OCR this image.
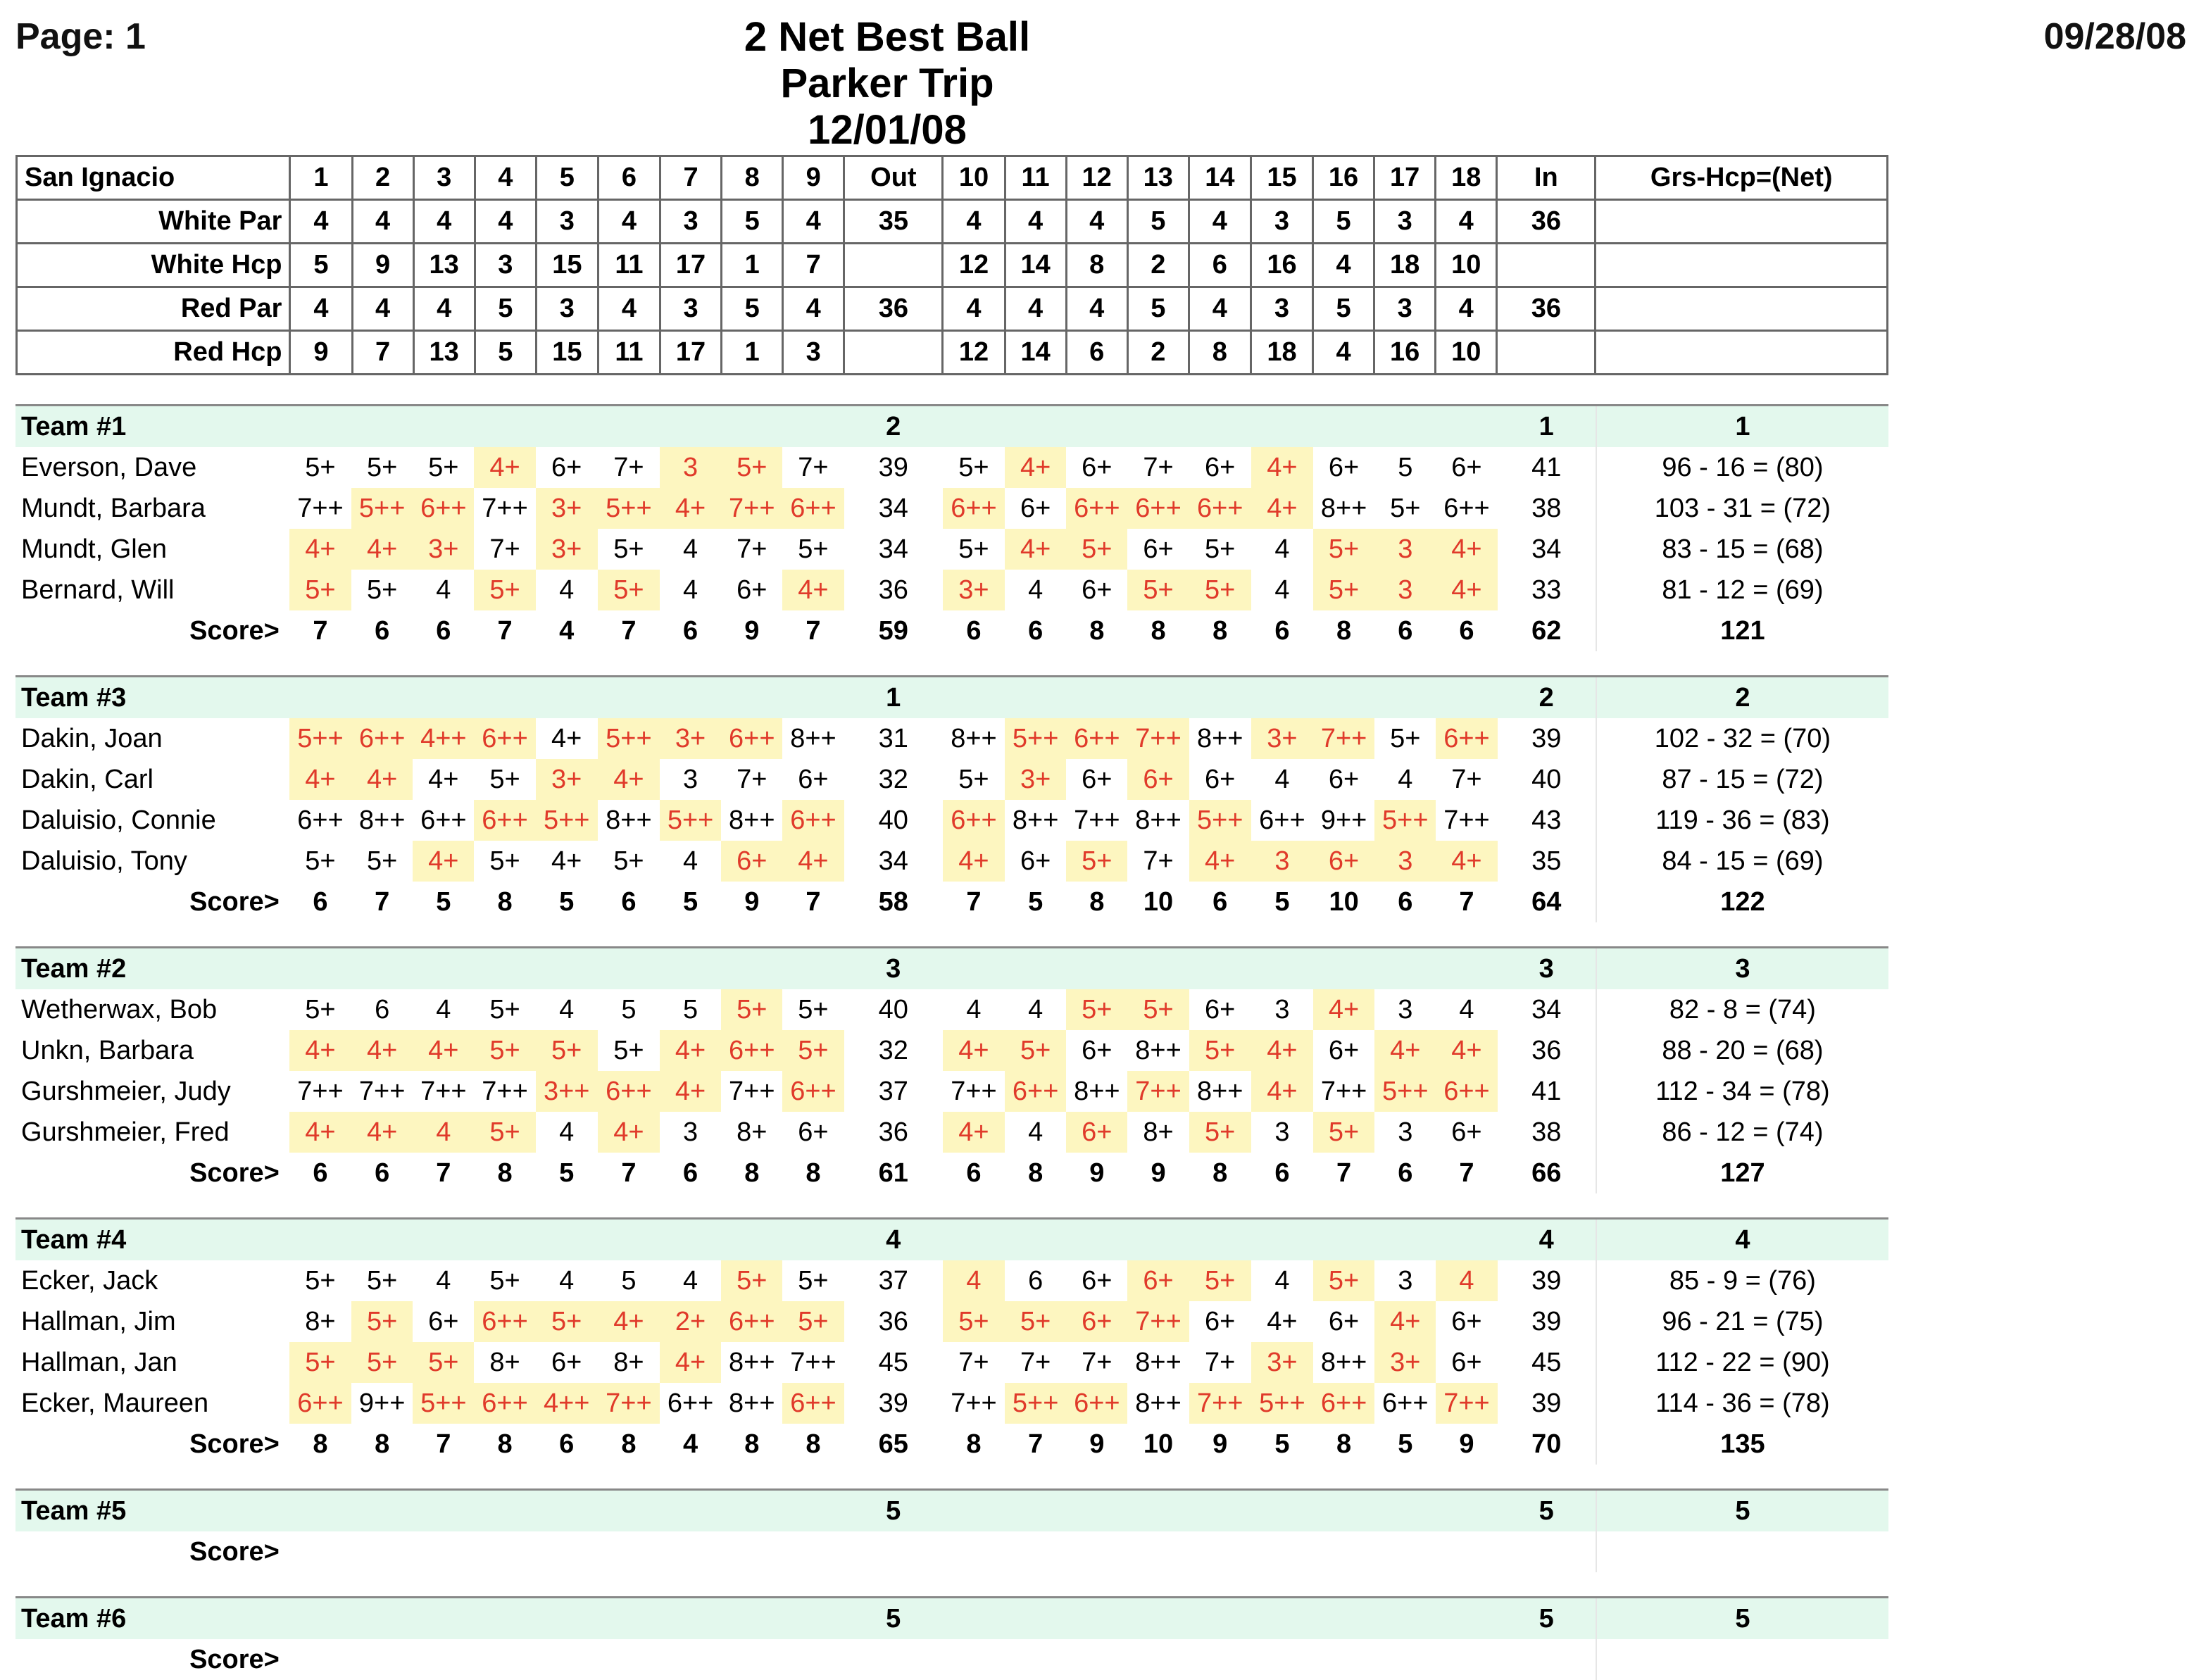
Page: 1	09/28/08
2 Net Best Ball
Parker Trip
12/01/08
San Ignacio	1	2	3	4	5	6	7	8	9	Out	10	11	12	13	14	15	16	17	18	In	Grs-Hcp=(Net)
White Par	4	4	4	4	3	4	3	5	4	35	4	4	4	5	4	3	5	3	4	36	
White Hcp	5	9	13	3	15	11	17	1	7		12	14	8	2	6	16	4	18	10		
Red Par	4	4	4	5	3	4	3	5	4	36	4	4	4	5	4	3	5	3	4	36	
Red Hcp	9	7	13	5	15	11	17	1	3		12	14	6	2	8	18	4	16	10		
Team #1										2										1	1
Everson, Dave	5+	5+	5+	4+	6+	7+	3	5+	7+	39	5+	4+	6+	7+	6+	4+	6+	5	6+	41	96 - 16 = (80)
Mundt, Barbara	7++	5++	6++	7++	3+	5++	4+	7++	6++	34	6++	6+	6++	6++	6++	4+	8++	5+	6++	38	103 - 31 = (72)
Mundt, Glen	4+	4+	3+	7+	3+	5+	4	7+	5+	34	5+	4+	5+	6+	5+	4	5+	3	4+	34	83 - 15 = (68)
Bernard, Will	5+	5+	4	5+	4	5+	4	6+	4+	36	3+	4	6+	5+	5+	4	5+	3	4+	33	81 - 12 = (69)
Score>	7	6	6	7	4	7	6	9	7	59	6	6	8	8	8	6	8	6	6	62	121

Team #3										1										2	2
Dakin, Joan	5++	6++	4++	6++	4+	5++	3+	6++	8++	31	8++	5++	6++	7++	8++	3+	7++	5+	6++	39	102 - 32 = (70)
Dakin, Carl	4+	4+	4+	5+	3+	4+	3	7+	6+	32	5+	3+	6+	6+	6+	4	6+	4	7+	40	87 - 15 = (72)
Daluisio, Connie	6++	8++	6++	6++	5++	8++	5++	8++	6++	40	6++	8++	7++	8++	5++	6++	9++	5++	7++	43	119 - 36 = (83)
Daluisio, Tony	5+	5+	4+	5+	4+	5+	4	6+	4+	34	4+	6+	5+	7+	4+	3	6+	3	4+	35	84 - 15 = (69)
Score>	6	7	5	8	5	6	5	9	7	58	7	5	8	10	6	5	10	6	7	64	122

Team #2										3										3	3
Wetherwax, Bob	5+	6	4	5+	4	5	5	5+	5+	40	4	4	5+	5+	6+	3	4+	3	4	34	82 - 8 = (74)
Unkn, Barbara	4+	4+	4+	5+	5+	5+	4+	6++	5+	32	4+	5+	6+	8++	5+	4+	6+	4+	4+	36	88 - 20 = (68)
Gurshmeier, Judy	7++	7++	7++	7++	3++	6++	4+	7++	6++	37	7++	6++	8++	7++	8++	4+	7++	5++	6++	41	112 - 34 = (78)
Gurshmeier, Fred	4+	4+	4	5+	4	4+	3	8+	6+	36	4+	4	6+	8+	5+	3	5+	3	6+	38	86 - 12 = (74)
Score>	6	6	7	8	5	7	6	8	8	61	6	8	9	9	8	6	7	6	7	66	127

Team #4										4										4	4
Ecker, Jack	5+	5+	4	5+	4	5	4	5+	5+	37	4	6	6+	6+	5+	4	5+	3	4	39	85 - 9 = (76)
Hallman, Jim	8+	5+	6+	6++	5+	4+	2+	6++	5+	36	5+	5+	6+	7++	6+	4+	6+	4+	6+	39	96 - 21 = (75)
Hallman, Jan	5+	5+	5+	8+	6+	8+	4+	8++	7++	45	7+	7+	7+	8++	7+	3+	8++	3+	6+	45	112 - 22 = (90)
Ecker, Maureen	6++	9++	5++	6++	4++	7++	6++	8++	6++	39	7++	5++	6++	8++	7++	5++	6++	6++	7++	39	114 - 36 = (78)
Score>	8	8	7	8	6	8	4	8	8	65	8	7	9	10	9	5	8	5	9	70	135

Team #5										5										5	5
Score>																					

Team #6										5										5	5
Score>																					
